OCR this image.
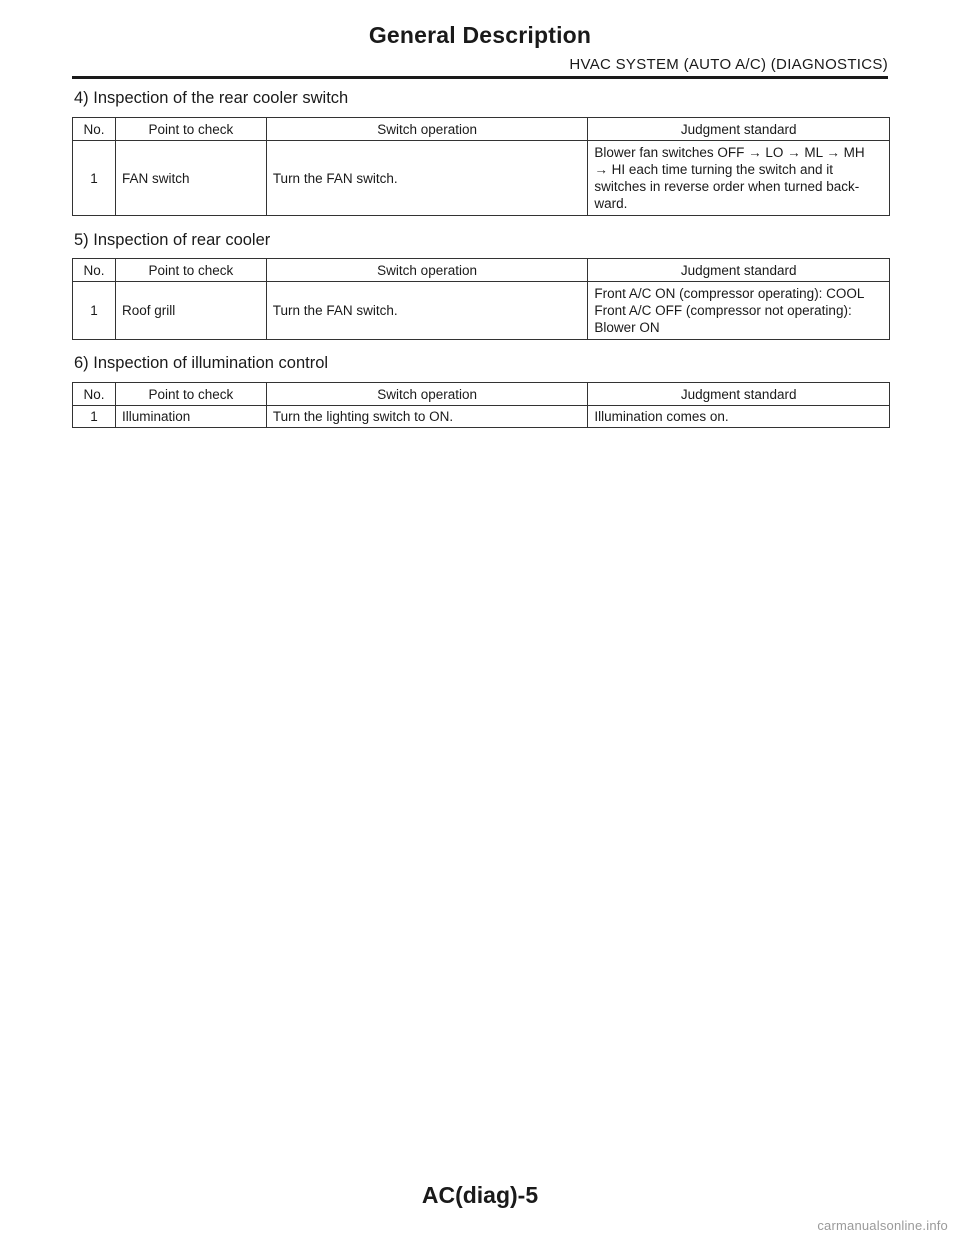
General Description
HVAC SYSTEM (AUTO A/C) (DIAGNOSTICS)
4) Inspection of the rear cooler switch
No.	Point to check	Switch operation	Judgment standard
1	FAN switch	Turn the FAN switch.	Blower fan switches OFF → LO → ML → MH
→ HI each time turning the switch and it
switches in reverse order when turned back-
ward.
5) Inspection of rear cooler
No.	Point to check	Switch operation	Judgment standard
1	Roof grill	Turn the FAN switch.	Front A/C ON (compressor operating): COOL
Front A/C OFF (compressor not operating):
Blower ON
6) Inspection of illumination control
No.	Point to check	Switch operation	Judgment standard
1	Illumination	Turn the lighting switch to ON.	Illumination comes on.
AC(diag)-5
carmanualsonline.info
